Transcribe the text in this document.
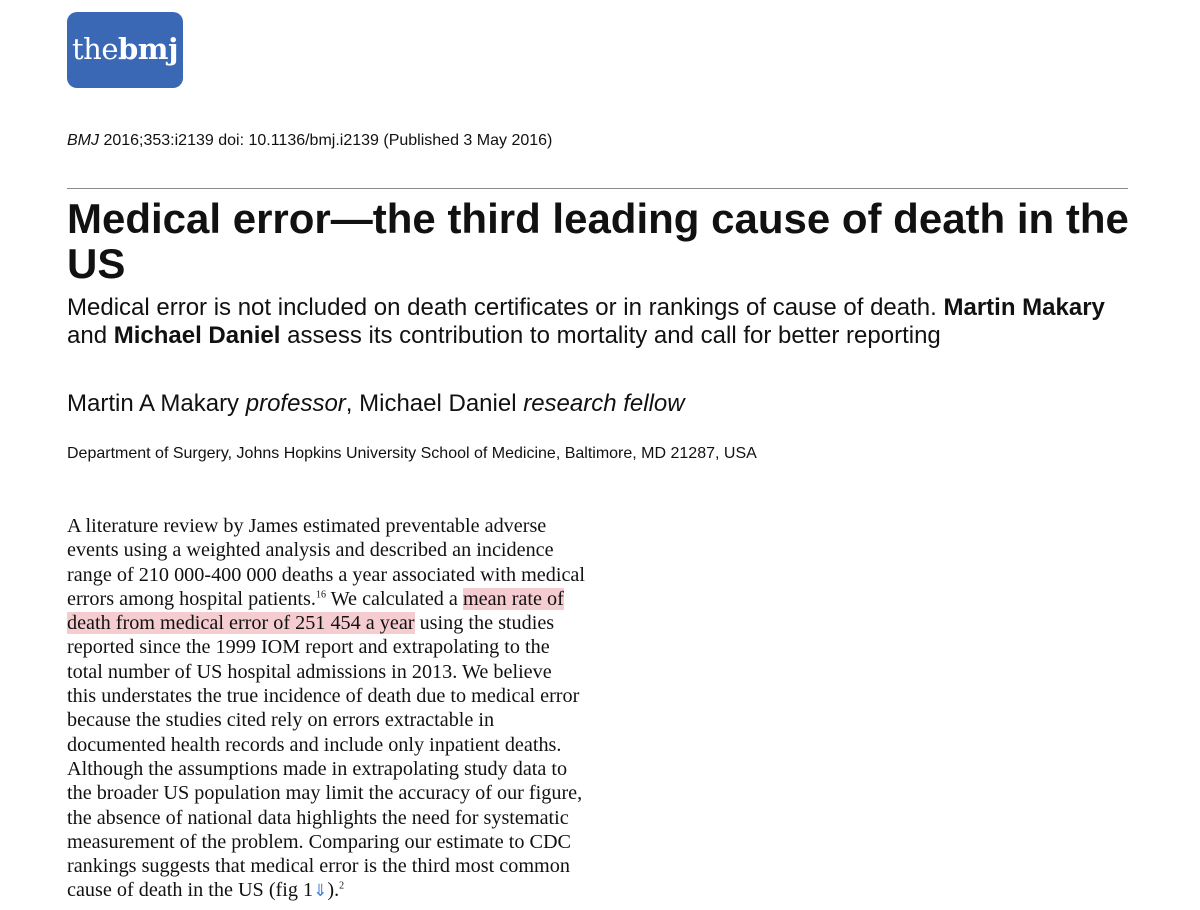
thebmj
BMJ 2016;353:i2139 doi: 10.1136/bmj.i2139 (Published 3 May 2016)
Medical error—the third leading cause of death in the US

Medical error is not included on death certificates or in rankings of cause of death. Martin Makary and Michael Daniel assess its contribution to mortality and call for better reporting

Martin A Makary professor, Michael Daniel research fellow
Department of Surgery, Johns Hopkins University School of Medicine, Baltimore, MD 21287, USA
A literature review by James estimated preventable adverse
events using a weighted analysis and described an incidence
range of 210 000-400 000 deaths a year associated with medical
errors among hospital patients.$^{16}$ We calculated a mean rate of
death from medical error of 251 454 a year using the studies
reported since the 1999 IOM report and extrapolating to the
total number of US hospital admissions in 2013. We believe
this understates the true incidence of death due to medical error
because the studies cited rely on errors extractable in
documented health records and include only inpatient deaths.
Although the assumptions made in extrapolating study data to
the broader US population may limit the accuracy of our figure,
the absence of national data highlights the need for systematic
measurement of the problem. Comparing our estimate to CDC
rankings suggests that medical error is the third most common
cause of death in the US (fig 1⇓).$^2$
